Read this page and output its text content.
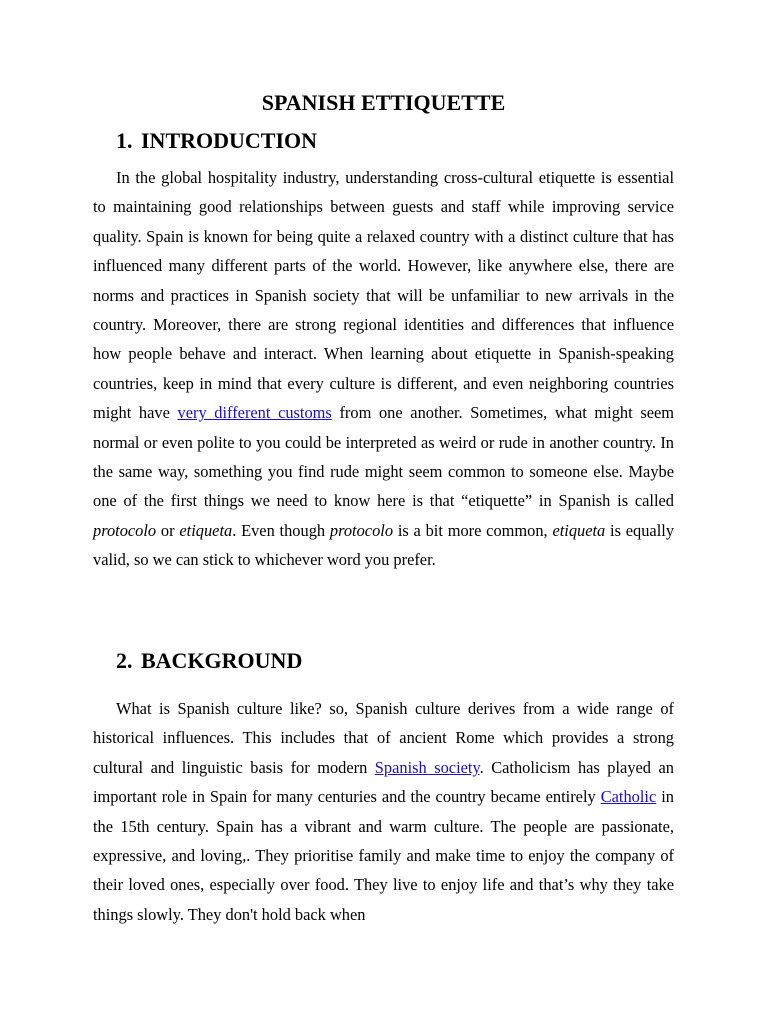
SPANISH ETTIQUETTE
1. INTRODUCTION

In the global hospitality industry, understanding cross-cultural etiquette is essential to maintaining good relationships between guests and staff while improving service quality. Spain is known for being quite a relaxed country with a distinct culture that has influenced many different parts of the world. However, like anywhere else, there are norms and practices in Spanish society that will be unfamiliar to new arrivals in the country. Moreover, there are strong regional identities and differences that influence how people behave and interact. When learning about etiquette in Spanish-speaking countries, keep in mind that every culture is different, and even neighboring countries might have very different customs from one another. Sometimes, what might seem normal or even polite to you could be interpreted as weird or rude in another country. In the same way, something you find rude might seem common to someone else. Maybe one of the first things we need to know here is that “etiquette” in Spanish is called protocolo or etiqueta. Even though protocolo is a bit more common, etiqueta is equally valid, so we can stick to whichever word you prefer.

2. BACKGROUND

What is Spanish culture like? so, Spanish culture derives from a wide range of historical influences. This includes that of ancient Rome which provides a strong cultural and linguistic basis for modern Spanish society. Catholicism has played an important role in Spain for many centuries and the country became entirely Catholic in the 15th century. Spain has a vibrant and warm culture. The people are passionate, expressive, and loving,. They prioritise family and make time to enjoy the company of their loved ones, especially over food. They live to enjoy life and that’s why they take things slowly. They don't hold back when
